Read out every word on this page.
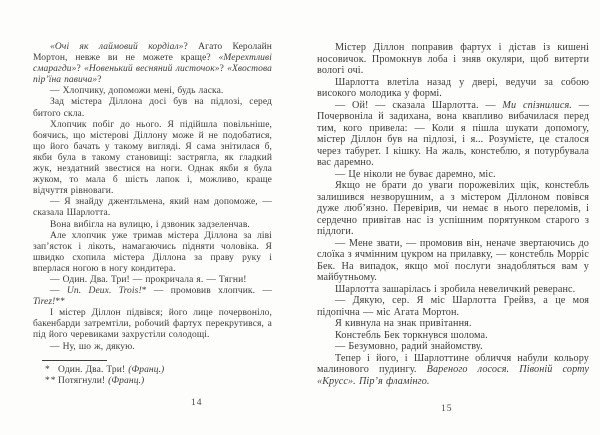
«Очі як лаймовий кордіал»? Агато Керолайн Мортон, невже ви не можете краще? «Мерехтливі смарагди»? «Новенький весняний листочок»? «Хвостова пір’їна павича»?

— Хлопчику, допоможи мені, будь ласка.

Зад містера Діллона досі був на підлозі, серед битого скла.

Хлопчик побіг до нього. Я підійшла повільніше, боячись, що містерові Діллону може й не подобатися, що його бачать у такому вигляді. Я сама знітилася б, якби була в такому становищі: застрягла, як гладкий жук, нездатний звестися на ноги. Однак якби я була жуком, то мала б шість лапок і, можливо, краще відчуття рівноваги.

— Я знайду джентльмена, який нам допоможе, — сказала Шарлотта.

Вона вибігла на вулицю, і дзвоник задзеленчав.

Але хлопчик уже тримав містера Діллона за ліві зап’ясток і лікоть, намагаючись підняти чоловіка. Я швидко схопила містера Діллона за праву руку і вперлася ногою в ногу кондитера.

— Один. Два. Три! — прокричала я. — Тягни!

— Un. Deux. Trois!* — промовив хлопчик. — Tirez!**

І містер Діллон підвівся; його лице почервоніло, бакенбарди затремтіли, робочий фартух перекрутився, а під його черевиками захрустіли солодощі.

— Ну, шо ж, дякую.

* Один. Два. Три! (Франц.)

** Потягнули! (Франц.)

Містер Діллон поправив фартух і дістав із кишені носовичок. Промокнув лоба і зняв окуляри, щоб витерти вологі очі.

Шарлотта влетіла назад у двері, ведучи за собою високого молодика у формі.

— Ой! — сказала Шарлотта. — Ми спізнилися. — Почервоніла й задихана, вона квапливо вибачилася перед тим, кого привела: — Коли я пішла шукати допомогу, містер Діллон був на підлозі, і я... Розумієте, це сталося через табурет. І кішку. На жаль, констеблю, я потурбувала вас даремно.

— Це ніколи не буває даремно, міс.

Якщо не брати до уваги порожевілих щік, констебль залишився незворушним, а з містером Діллоном повівся дуже люб’язно. Перевірив, чи немає в нього переломів, і сердечно привітав нас із успішним порятунком старого з підлоги.

— Мене звати, — промовив він, неначе звертаючись до слоїка з ячмінним цукром на прилавку, — констебль Морріс Бек. На випадок, якщо мої послуги знадобляться вам у майбутньому.

Шарлотта зашарілась і зробила невеличкий реверанс.

— Дякую, сер. Я міс Шарлотта Грейвз, а це моя підопічна — міс Агата Мортон.

Я кивнула на знак привітання.

Констебль Бек торкнувся шолома.

— Безумовно, радий знайомству.

Тепер і його, і Шарлоттине обличчя набули кольору малинового пудингу. Вареного лосося. Півоній сорту «Крусс». Пір’я фламінго.

14
15
